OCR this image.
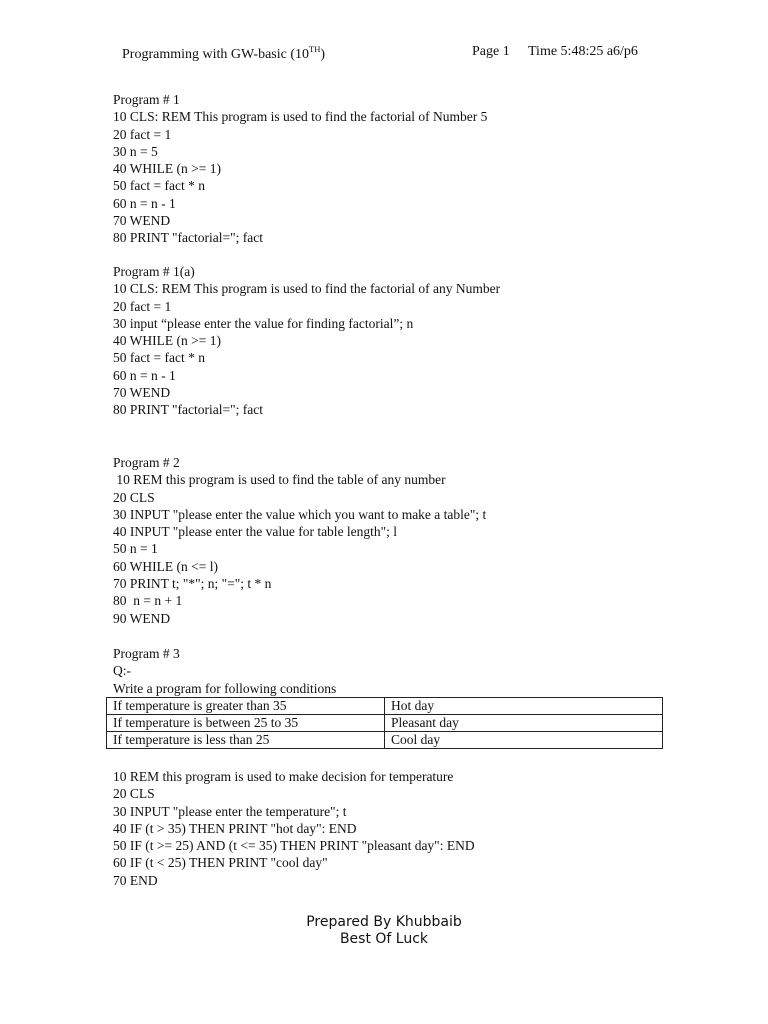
Programming with GW-basic (10TH)	Page 1 Time 5:48:25 a6/p6
Program # 1
10 CLS: REM This program is used to find the factorial of Number 5
20 fact = 1
30 n = 5
40 WHILE (n >= 1)
50 fact = fact * n
60 n = n - 1
70 WEND
80 PRINT "factorial="; fact
Program # 1(a)
10 CLS: REM This program is used to find the factorial of any Number
20 fact = 1
30 input “please enter the value for finding factorial”; n
40 WHILE (n >= 1)
50 fact = fact * n
60 n = n - 1
70 WEND
80 PRINT "factorial="; fact
Program # 2
10 REM this program is used to find the table of any number
20 CLS
30 INPUT "please enter the value which you want to make a table"; t
40 INPUT "please enter the value for table length"; l
50 n = 1
60 WHILE (n <= l)
70 PRINT t; "*"; n; "="; t * n
80  n = n + 1
90 WEND
Program # 3
Q:-
Write a program for following conditions
If temperature is greater than 35	Hot day
If temperature is between 25 to 35	Pleasant day
If temperature is less than 25	Cool day
10 REM this program is used to make decision for temperature
20 CLS
30 INPUT "please enter the temperature"; t
40 IF (t > 35) THEN PRINT "hot day": END
50 IF (t >= 25) AND (t <= 35) THEN PRINT "pleasant day": END
60 IF (t < 25) THEN PRINT "cool day"
70 END
Prepared By Khubbaib
Best Of Luck
